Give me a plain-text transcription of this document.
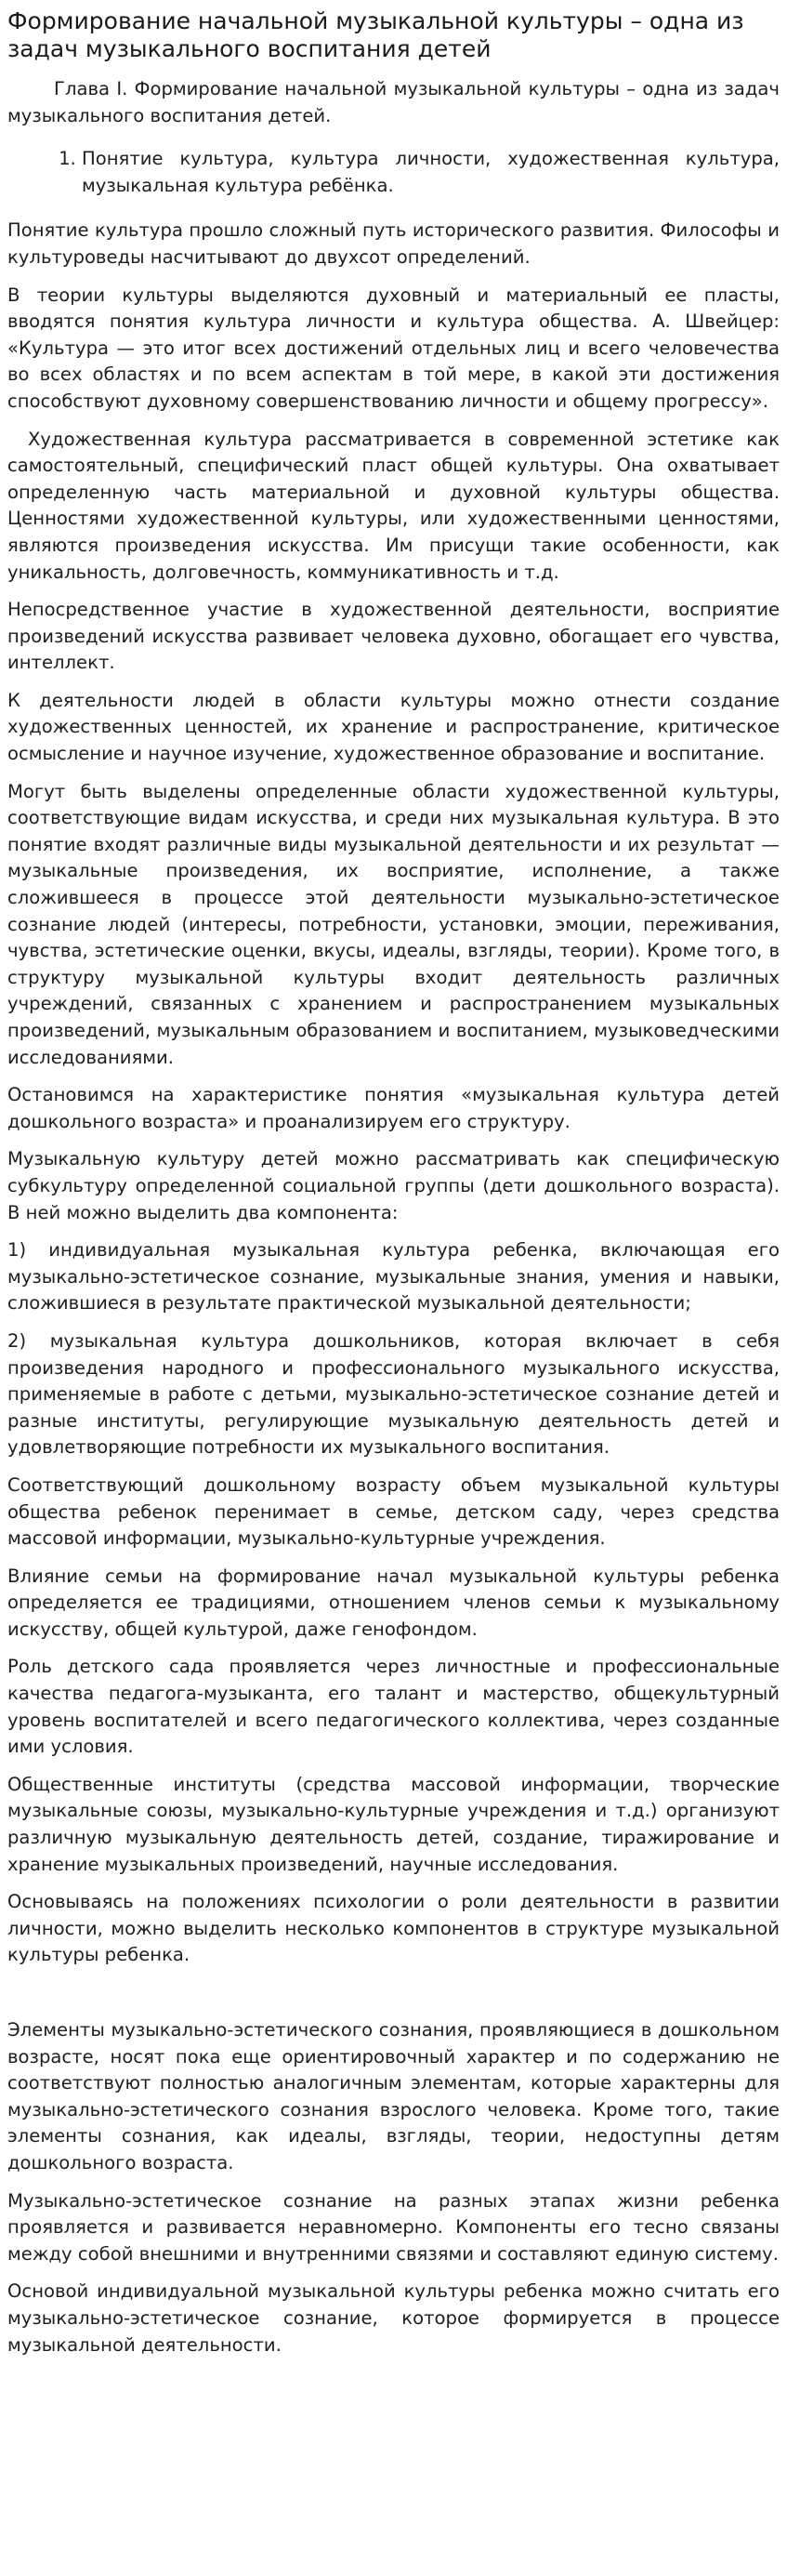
Формирование начальной музыкальной культуры – одна из задач музыкального воспитания детей

Глава I. Формирование начальной музыкальной культуры – одна из задач музыкального воспитания детей.

1. Понятие культура, культура личности, художественная культура, музыкальная культура ребёнка.

Понятие культура прошло сложный путь исторического развития. Философы и культуроведы насчитывают до двухсот определений.

В теории культуры выделяются духовный и материальный ее пласты, вводятся понятия культура личности и культура общества. А. Швейцер: «Культура — это итог всех достижений отдельных лиц и всего человечества во всех областях и по всем аспектам в той мере, в какой эти достижения способствуют духовному совершенствованию личности и общему прогрессу».

Художественная культура рассматривается в современной эстетике как самостоятельный, специфический пласт общей культуры. Она охватывает определенную часть материальной и духовной культуры общества. Ценностями художественной культуры, или художественными ценностями, являются произведения искусства. Им присущи такие особенности, как уникальность, долговечность, коммуникативность и т.д.

Непосредственное участие в художественной деятельности, восприятие произведений искусства развивает человека духовно, обогащает его чувства, интеллект.

К деятельности людей в области культуры можно отнести создание художественных ценностей, их хранение и распространение, критическое осмысление и научное изучение, художественное образование и воспитание.

Могут быть выделены определенные области художественной культуры, соответствующие видам искусства, и среди них музыкальная культура. В это понятие входят различные виды музыкальной деятельности и их результат — музыкальные произведения, их восприятие, исполнение, а также сложившееся в процессе этой деятельности музыкально-эстетическое сознание людей (интересы, потребности, установки, эмоции, переживания, чувства, эстетические оценки, вкусы, идеалы, взгляды, теории). Кроме того, в структуру музыкальной культуры входит деятельность различных учреждений, связанных с хранением и распространением музыкальных произведений, музыкальным образованием и воспитанием, музыковедческими исследованиями.

Остановимся на характеристике понятия «музыкальная культура детей дошкольного возраста» и проанализируем его структуру.

Музыкальную культуру детей можно рассматривать как специфическую субкультуру определенной социальной группы (дети дошкольного возраста). В ней можно выделить два компонента:

1) индивидуальная музыкальная культура ребенка, включающая его музыкально-эстетическое сознание, музыкальные знания, умения и навыки, сложившиеся в результате практической музыкальной деятельности;

2) музыкальная культура дошкольников, которая включает в себя произведения народного и профессионального музыкального искусства, применяемые в работе с детьми, музыкально-эстетическое сознание детей и разные институты, регулирующие музыкальную деятельность детей и удовлетворяющие потребности их музыкального воспитания.

Соответствующий дошкольному возрасту объем музыкальной культуры общества ребенок перенимает в семье, детском саду, через средства массовой информации, музыкально-культурные учреждения.

Влияние семьи на формирование начал музыкальной культуры ребенка определяется ее традициями, отношением членов семьи к музыкальному искусству, общей культурой, даже генофондом.

Роль детского сада проявляется через личностные и профессиональные качества педагога-музыканта, его талант и мастерство, общекультурный уровень воспитателей и всего педагогического коллектива, через созданные ими условия.

Общественные институты (средства массовой информации, творческие музыкальные союзы, музыкально-культурные учреждения и т.д.) организуют различную музыкальную деятельность детей, создание, тиражирование и хранение музыкальных произведений, научные исследования.

Основываясь на положениях психологии о роли деятельности в развитии личности, можно выделить несколько компонентов в структуре музыкальной культуры ребенка.

Элементы музыкально-эстетического сознания, проявляющиеся в дошкольном возрасте, носят пока еще ориентировочный характер и по содержанию не соответствуют полностью аналогичным элементам, которые характерны для музыкально-эстетического сознания взрослого человека. Кроме того, такие элементы сознания, как идеалы, взгляды, теории, недоступны детям дошкольного возраста.

Музыкально-эстетическое сознание на разных этапах жизни ребенка проявляется и развивается неравномерно. Компоненты его тесно связаны между собой внешними и внутренними связями и составляют единую систему.

Основой индивидуальной музыкальной культуры ребенка можно считать его музыкально-эстетическое сознание, которое формируется в процессе музыкальной деятельности.
